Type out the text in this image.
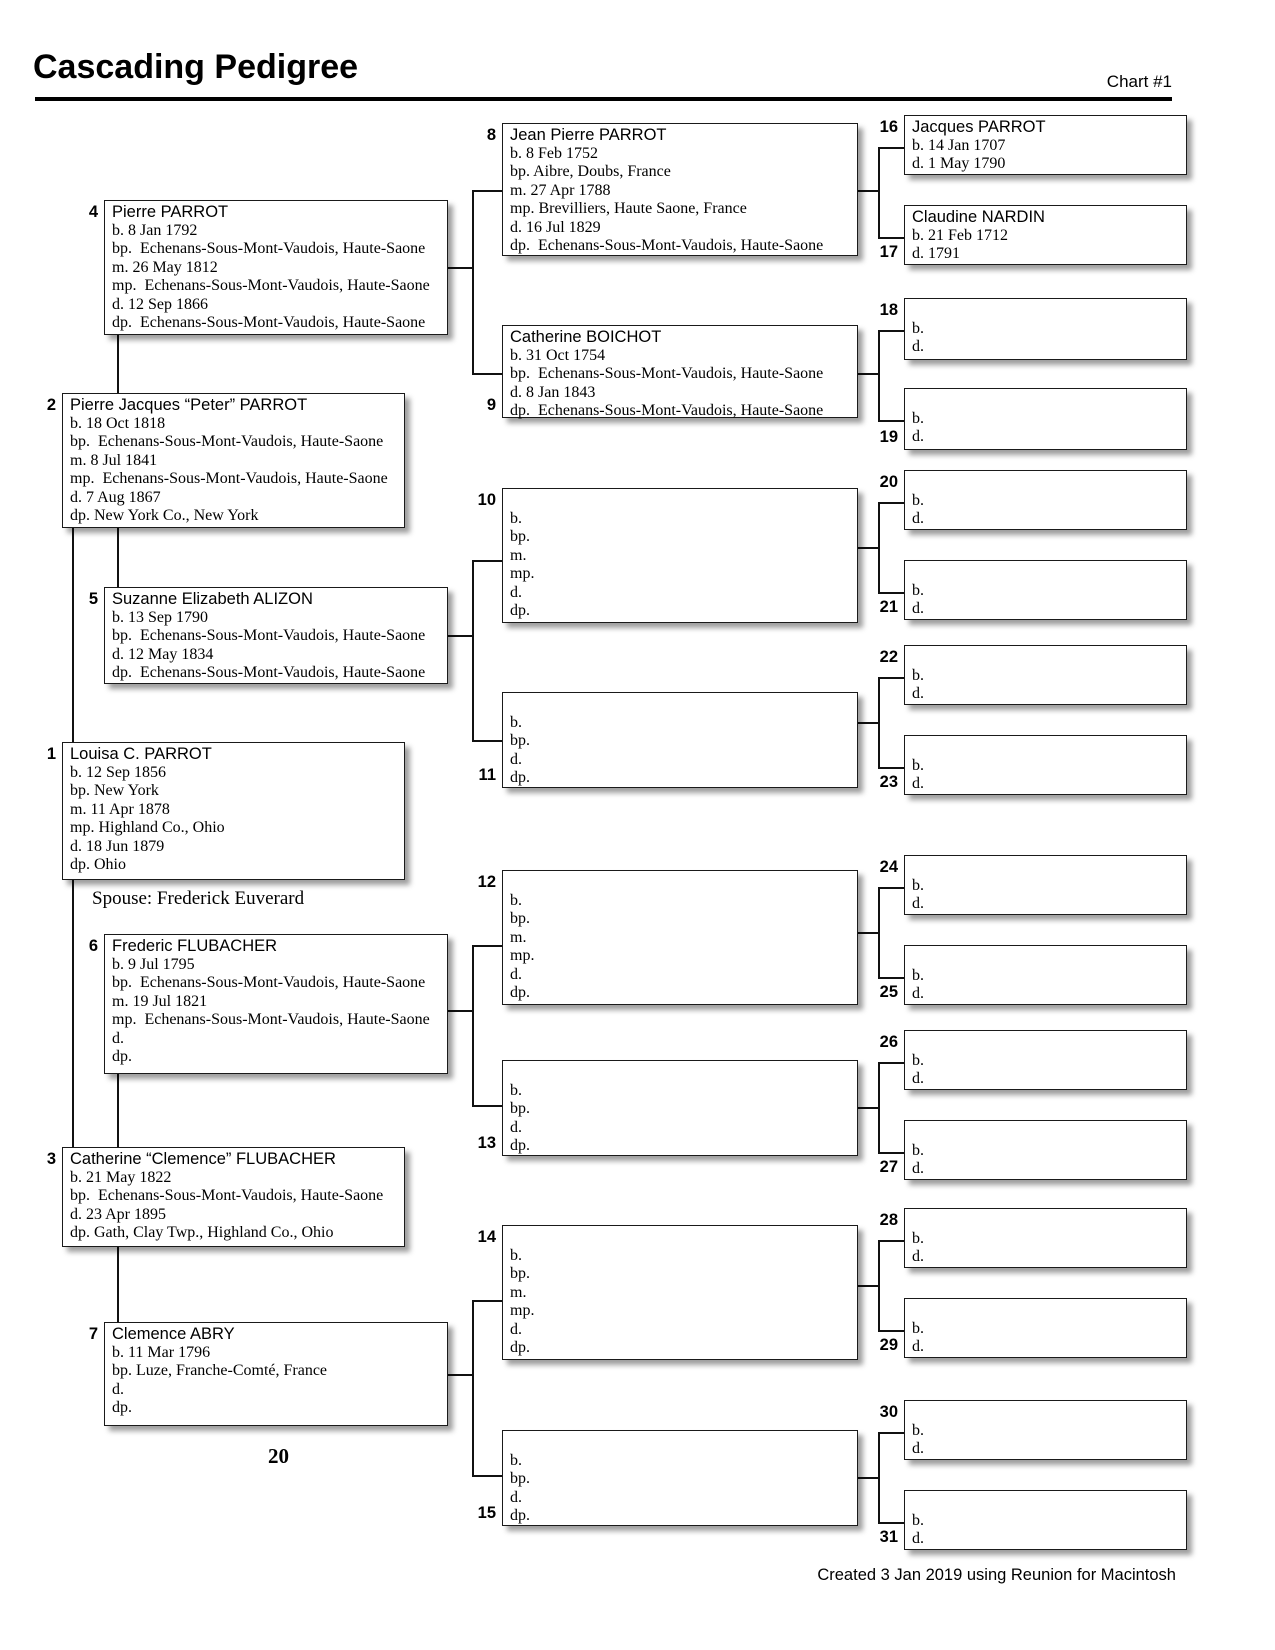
Cascading Pedigree	Chart #1
1 Louisa C. PARROT
b. 12 Sep 1856
bp. New York
m. 11 Apr 1878
mp. Highland Co., Ohio
d. 18 Jun 1879
dp. Ohio
2 Pierre Jacques “Peter” PARROT
b. 18 Oct 1818
bp.  Echenans-Sous-Mont-Vaudois, Haute-Saone
m. 8 Jul 1841
mp.  Echenans-Sous-Mont-Vaudois, Haute-Saone
d. 7 Aug 1867
dp. New York Co., New York
3 Catherine “Clemence” FLUBACHER
b. 21 May 1822
bp.  Echenans-Sous-Mont-Vaudois, Haute-Saone
d. 23 Apr 1895
dp. Gath, Clay Twp., Highland Co., Ohio
4 Pierre PARROT
b. 8 Jan 1792
bp.  Echenans-Sous-Mont-Vaudois, Haute-Saone
m. 26 May 1812
mp.  Echenans-Sous-Mont-Vaudois, Haute-Saone
d. 12 Sep 1866
dp.  Echenans-Sous-Mont-Vaudois, Haute-Saone
5 Suzanne Elizabeth ALIZON
b. 13 Sep 1790
bp.  Echenans-Sous-Mont-Vaudois, Haute-Saone
d. 12 May 1834
dp.  Echenans-Sous-Mont-Vaudois, Haute-Saone
6 Frederic FLUBACHER
b. 9 Jul 1795
bp.  Echenans-Sous-Mont-Vaudois, Haute-Saone
m. 19 Jul 1821
mp.  Echenans-Sous-Mont-Vaudois, Haute-Saone
d.
dp.
7 Clemence ABRY
b. 11 Mar 1796
bp. Luze, Franche-Comté, France
d.
dp.
8 Jean Pierre PARROT
b. 8 Feb 1752
bp. Aibre, Doubs, France
m. 27 Apr 1788
mp. Brevilliers, Haute Saone, France
d. 16 Jul 1829
dp.  Echenans-Sous-Mont-Vaudois, Haute-Saone
9
Catherine BOICHOT
b. 31 Oct 1754
bp.  Echenans-Sous-Mont-Vaudois, Haute-Saone
d. 8 Jan 1843
dp.  Echenans-Sous-Mont-Vaudois, Haute-Saone
10
b.
bp.
m.
mp.
d.
dp.
11
b.
bp.
d.
dp.
12
b.
bp.
m.
mp.
d.
dp.
13
b.
bp.
d.
dp.
14
b.
bp.
m.
mp.
d.
dp.
15
b.
bp.
d.
dp.
16 Jacques PARROT
b. 14 Jan 1707
d. 1 May 1790
17
Claudine NARDIN
b. 21 Feb 1712
d. 1791
18
b.
d.
19
b.
d.
20
b.
d.
21
b.
d.
22
b.
d.
23
b.
d.
24
b.
d.
25
b.
d.
26
b.
d.
27
b.
d.
28
b.
d.
29
b.
d.
30
b.
d.
31
b.
d.
Spouse: Frederick Euverard
20
Created 3 Jan 2019 using Reunion for Macintosh
